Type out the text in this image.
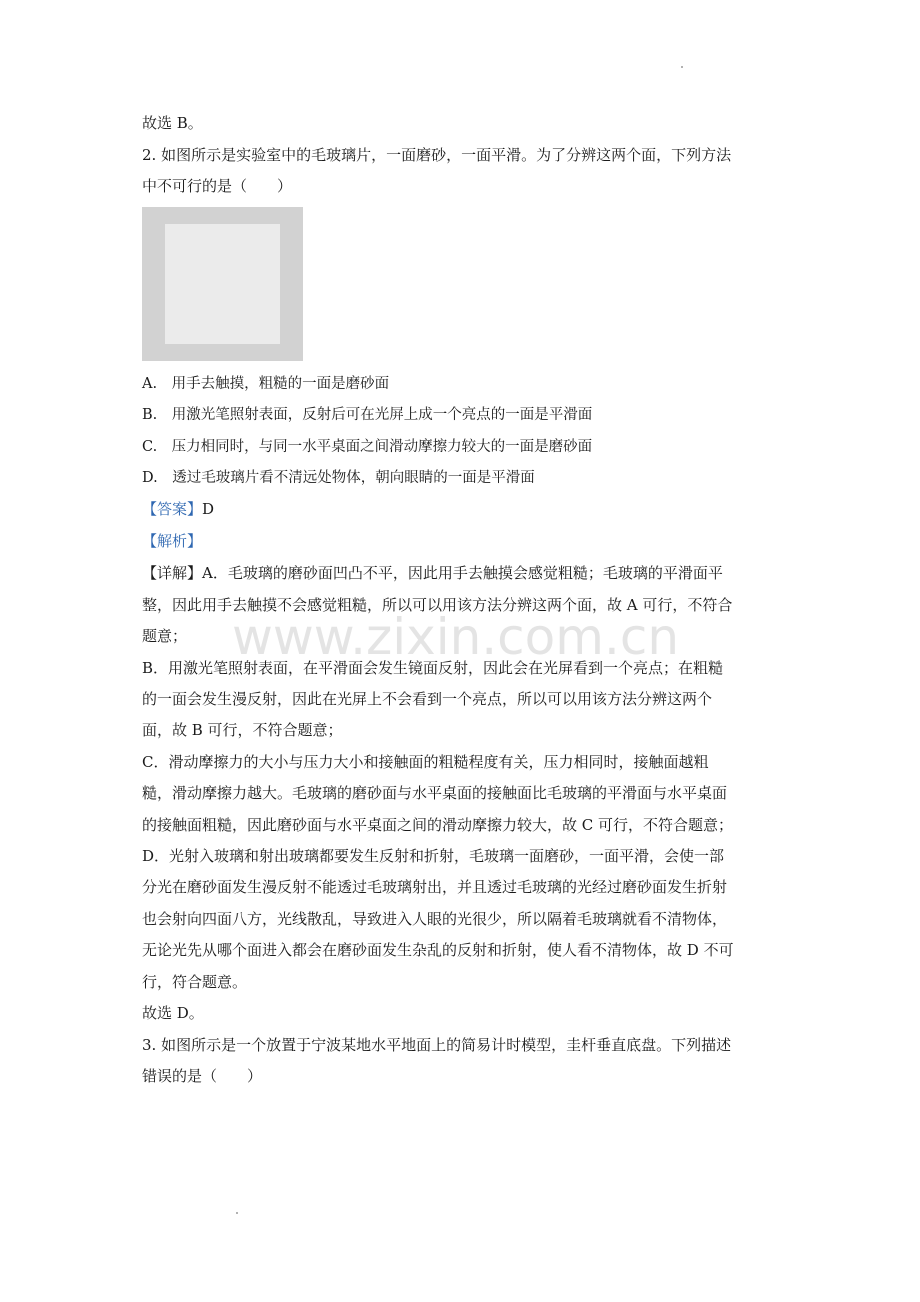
www.zixin.com.cn
故选 B。
2. 如图所示是实验室中的毛玻璃片，一面磨砂，一面平滑。为了分辨这两个面，下列方法
中不可行的是（　　）
A.　用手去触摸，粗糙的一面是磨砂面
B.　用激光笔照射表面，反射后可在光屏上成一个亮点的一面是平滑面
C.　压力相同时，与同一水平桌面之间滑动摩擦力较大的一面是磨砂面
D.　透过毛玻璃片看不清远处物体，朝向眼睛的一面是平滑面
【答案】D
【解析】
【详解】A．毛玻璃的磨砂面凹凸不平，因此用手去触摸会感觉粗糙；毛玻璃的平滑面平
整，因此用手去触摸不会感觉粗糙，所以可以用该方法分辨这两个面，故 A 可行，不符合
题意；
B．用激光笔照射表面，在平滑面会发生镜面反射，因此会在光屏看到一个亮点；在粗糙
的一面会发生漫反射，因此在光屏上不会看到一个亮点，所以可以用该方法分辨这两个
面，故 B 可行，不符合题意；
C．滑动摩擦力的大小与压力大小和接触面的粗糙程度有关，压力相同时，接触面越粗
糙，滑动摩擦力越大。毛玻璃的磨砂面与水平桌面的接触面比毛玻璃的平滑面与水平桌面
的接触面粗糙，因此磨砂面与水平桌面之间的滑动摩擦力较大，故 C 可行，不符合题意；
D．光射入玻璃和射出玻璃都要发生反射和折射，毛玻璃一面磨砂，一面平滑，会使一部
分光在磨砂面发生漫反射不能透过毛玻璃射出，并且透过毛玻璃的光经过磨砂面发生折射
也会射向四面八方，光线散乱，导致进入人眼的光很少，所以隔着毛玻璃就看不清物体，
无论光先从哪个面进入都会在磨砂面发生杂乱的反射和折射，使人看不清物体，故 D 不可
行，符合题意。
故选 D。
3. 如图所示是一个放置于宁波某地水平地面上的简易计时模型，圭杆垂直底盘。下列描述
错误的是（　　）
